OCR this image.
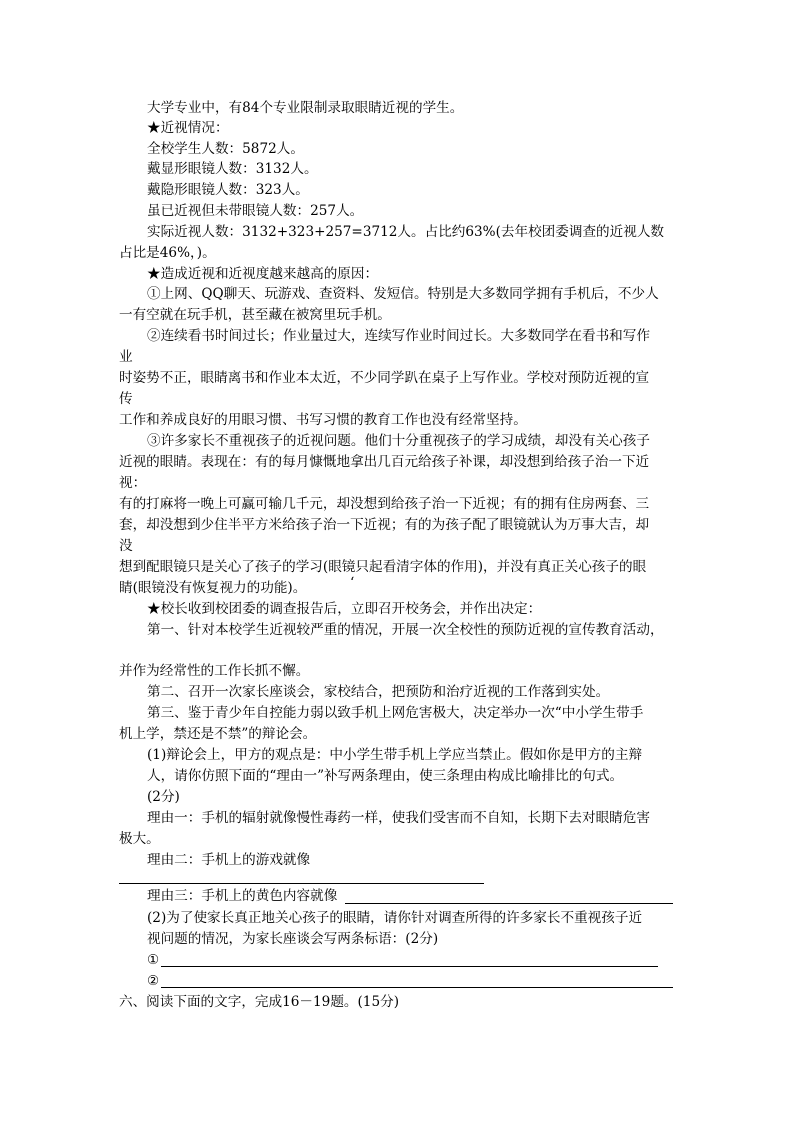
大学专业中，有84个专业限制录取眼睛近视的学生。
★近视情况：
全校学生人数：5872人。
戴显形眼镜人数：3132人。
戴隐形眼镜人数：323人。
虽已近视但未带眼镜人数：257人。
实际近视人数：3132+323+257=3712人。占比约63%(去年校团委调查的近视人数
占比是46%，)。
★造成近视和近视度越来越高的原因：
①上网、QQ聊天、玩游戏、查资料、发短信。特别是大多数同学拥有手机后，不少人
一有空就在玩手机，甚至藏在被窝里玩手机。
②连续看书时间过长；作业量过大，连续写作业时间过长。大多数同学在看书和写作
业
时姿势不正，眼睛离书和作业本太近，不少同学趴在桌子上写作业。学校对预防近视的宣
传
工作和养成良好的用眼习惯、书写习惯的教育工作也没有经常坚持。
③许多家长不重视孩子的近视问题。他们十分重视孩子的学习成绩，却没有关心孩子
近视的眼睛。表现在：有的每月慷慨地拿出几百元给孩子补课，却没想到给孩子治一下近
视：
有的打麻将一晚上可赢可输几千元，却没想到给孩子治一下近视；有的拥有住房两套、三
套，却没想到少住半平方米给孩子治一下近视；有的为孩子配了眼镜就认为万事大吉，却
没
想到配眼镜只是关心了孩子的学习(眼镜只起看清字体的作用)，并没有真正关心孩子的眼
睛(眼镜没有恢复视力的功能)。	‘
★校长收到校团委的调查报告后，立即召开校务会，并作出决定：
第一、针对本校学生近视较严重的情况，开展一次全校性的预防近视的宣传教育活动，
并作为经常性的工作长抓不懈。
第二、召开一次家长座谈会，家校结合，把预防和治疗近视的工作落到实处。
第三、鉴于青少年自控能力弱以致手机上网危害极大，决定举办一次“中小学生带手
机上学，禁还是不禁”的辩论会。
(1)辩论会上，甲方的观点是：中小学生带手机上学应当禁止。假如你是甲方的主辩
人，请你仿照下面的“理由一”补写两条理由，使三条理由构成比喻排比的句式。
(2分)
理由一：手机的辐射就像慢性毒药一样，使我们受害而不自知，长期下去对眼睛危害
极大。
理由二：手机上的游戏就像
理由三：手机上的黄色内容就像
(2)为了使家长真正地关心孩子的眼睛，请你针对调查所得的许多家长不重视孩子近
视问题的情况，为家长座谈会写两条标语：(2分)
①
②
六、阅读下面的文字，完成16－19题。(15分)
